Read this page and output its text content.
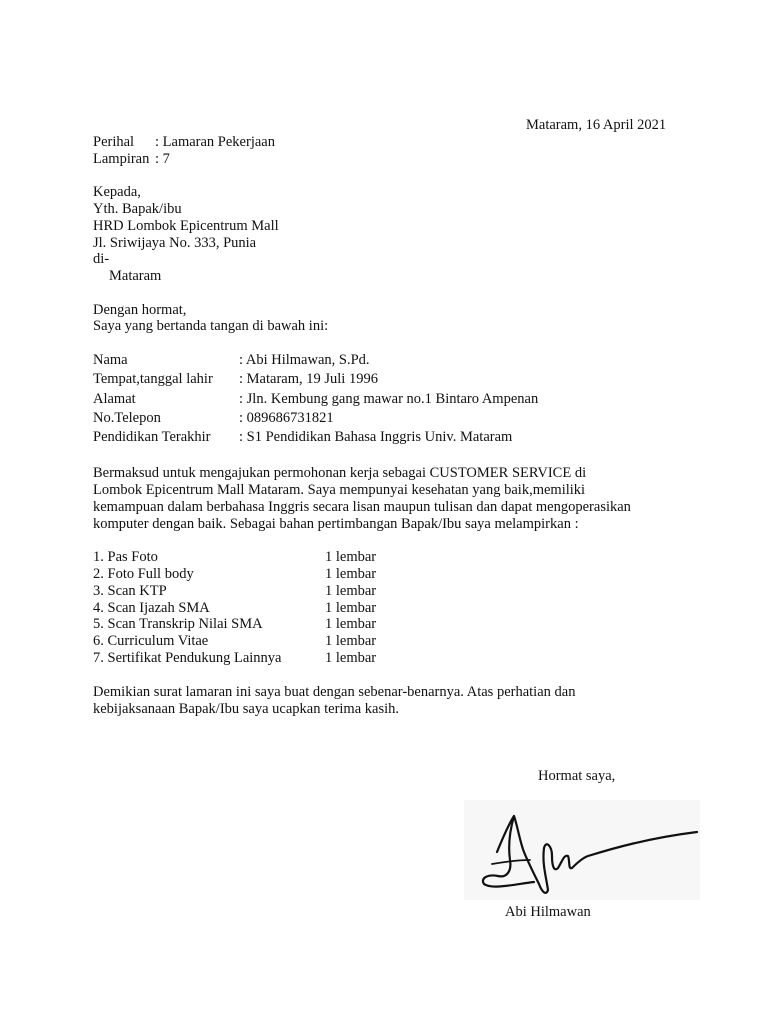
Mataram, 16 April 2021
Perihal : Lamaran Pekerjaan
Lampiran : 7
Kepada,
Yth. Bapak/ibu
HRD Lombok Epicentrum Mall
Jl. Sriwijaya No. 333, Punia
di-
Mataram
Dengan hormat,
Saya yang bertanda tangan di bawah ini:
Nama	: Abi Hilmawan, S.Pd.
Tempat,tanggal lahir : Mataram, 19 Juli 1996
Alamat	: Jln. Kembung gang mawar no.1 Bintaro Ampenan
No.Telepon	: 089686731821
Pendidikan Terakhir : S1 Pendidikan Bahasa Inggris Univ. Mataram
Bermaksud untuk mengajukan permohonan kerja sebagai CUSTOMER SERVICE di
Lombok Epicentrum Mall Mataram. Saya mempunyai kesehatan yang baik,memiliki
kemampuan dalam berbahasa Inggris secara lisan maupun tulisan dan dapat mengoperasikan
komputer dengan baik. Sebagai bahan pertimbangan Bapak/Ibu saya melampirkan :
1. Pas Foto	1 lembar
2. Foto Full body	1 lembar
3. Scan KTP	1 lembar
4. Scan Ijazah SMA	1 lembar
5. Scan Transkrip Nilai SMA	1 lembar
6. Curriculum Vitae	1 lembar
7. Sertifikat Pendukung Lainnya	1 lembar
Demikian surat lamaran ini saya buat dengan sebenar-benarnya. Atas perhatian dan
kebijaksanaan Bapak/Ibu saya ucapkan terima kasih.
Hormat saya,
Abi Hilmawan
